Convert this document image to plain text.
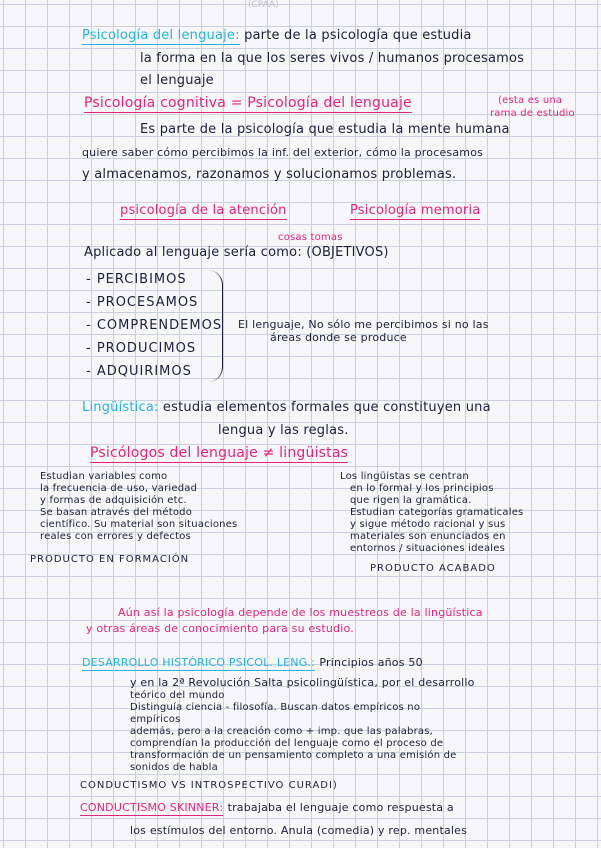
(CPAA)
Psicología del lenguaje: parte de la psicología que estudia
la forma en la que los seres vivos / humanos procesamos
el lenguaje
Psicología cognitiva = Psicología del lenguaje	(esta es una
rama de estudio
Es parte de la psicología que estudia la mente humana
quiere saber cómo percibimos la inf. del exterior, cómo la procesamos
y almacenamos, razonamos y solucionamos problemas.
psicología de la atención	Psicología memoria
cosas tomas
Aplicado al lenguaje sería como: (OBJETIVOS)
- PERCIBIMOS
- PROCESAMOS
- COMPRENDEMOS
- PRODUCIMOS
- ADQUIRIMOS
El lenguaje, No sólo me percibimos si no las
áreas donde se produce
Lingüística: estudia elementos formales que constituyen una
lengua y las reglas.
Psicólogos del lenguaje ≠ lingüistas
Estudian variables como
la frecuencia de uso, variedad
y formas de adquisición etc.
Se basan através del método
científico. Su material son situaciones
reales con errores y defectos
PRODUCTO EN FORMACIÓN
Los lingüistas se centran
en lo formal y los principios
que rigen la gramática.
Estudian categorías gramaticales
y sigue método racional y sus
materiales son enunciados en
entornos / situaciones ideales
PRODUCTO ACABADO
Aún así la psicología depende de los muestreos de la lingüística
y otras áreas de conocimiento para su estudio.
DESARROLLO HISTÓRICO PSICOL. LENG.: Principios años 50
y en la 2ª Revolución Salta psicolingüística, por el desarrollo
teórico del mundo
Distinguía ciencia - filosofía. Buscan datos empíricos no
empíricos
además, pero a la creación como + imp. que las palabras,
comprendían la producción del lenguaje como el proceso de
transformación de un pensamiento completo a una emisión de
sonidos de habla
CONDUCTISMO VS INTROSPECTIVO CURADI)
CONDUCTISMO SKINNER: trabajaba el lenguaje como respuesta a
los estímulos del entorno. Anula (comedia) y rep. mentales
